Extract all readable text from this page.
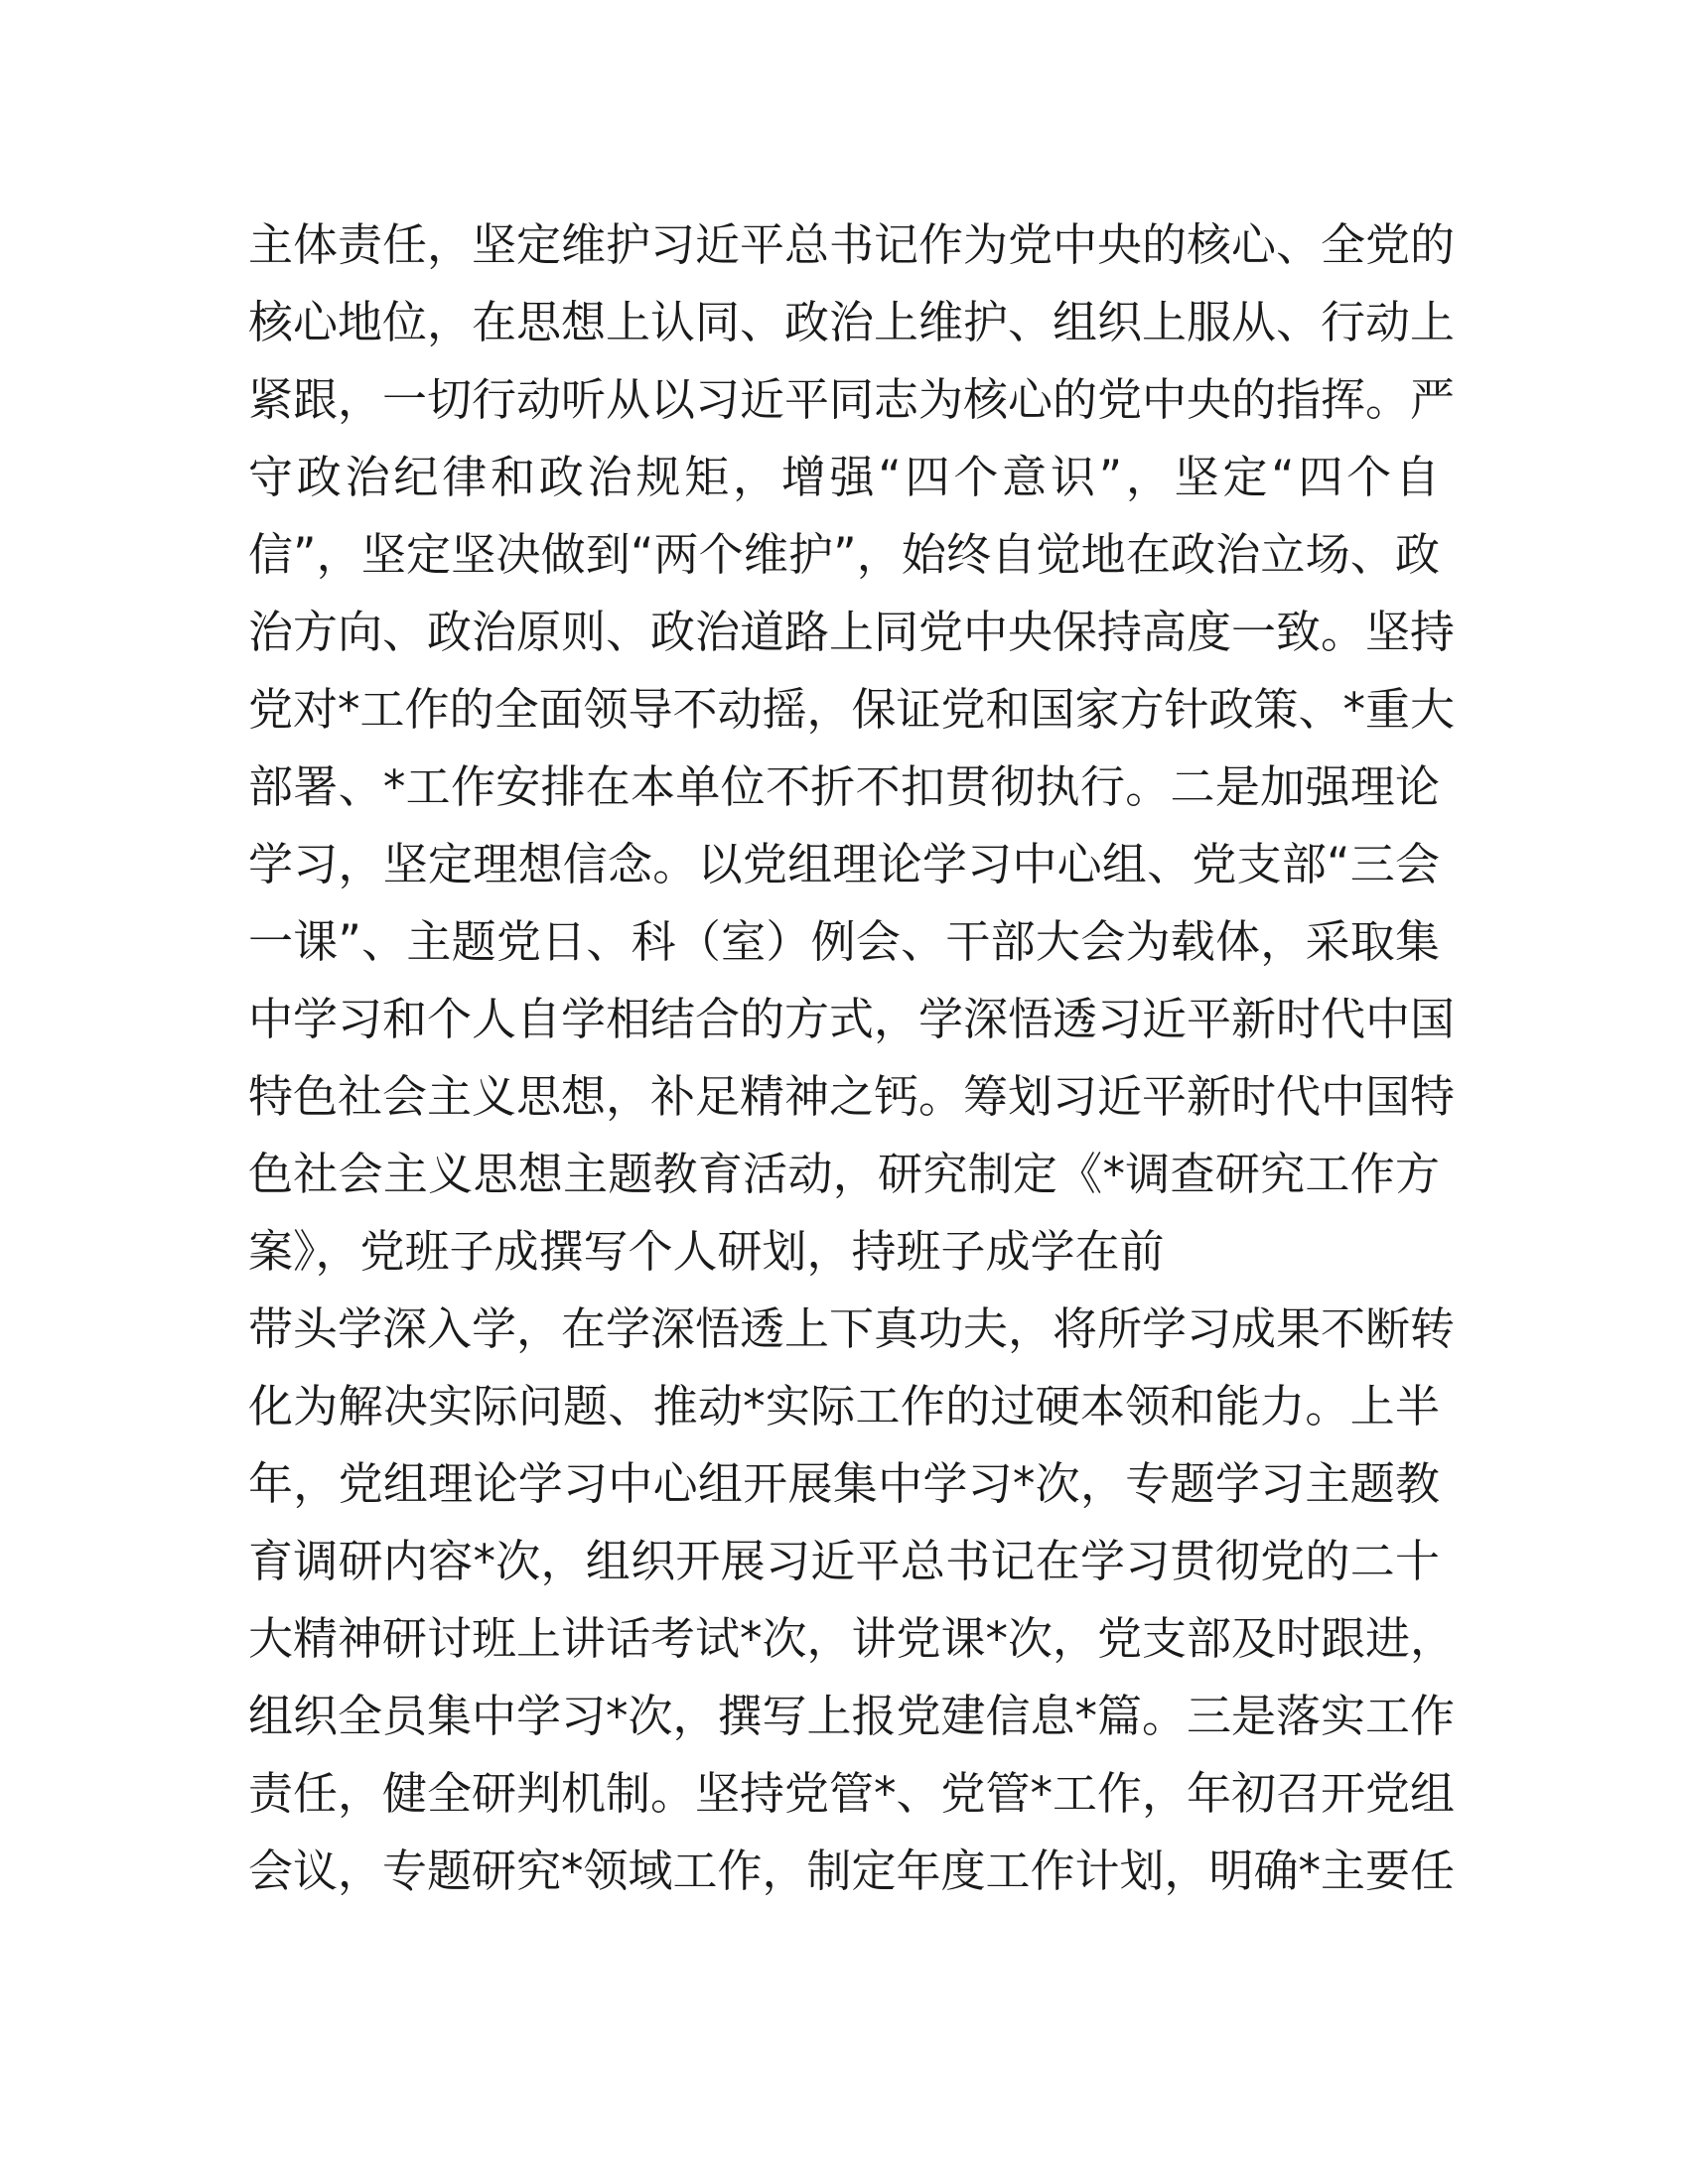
主体责任，坚定维护习近平总书记作为党中央的核心、全党的
核心地位，在思想上认同、政治上维护、组织上服从、行动上
紧跟，一切行动听从以习近平同志为核心的党中央的指挥。严
守政治纪律和政治规矩，增强“四个意识”，坚定“四个自
信”，坚定坚决做到“两个维护”，始终自觉地在政治立场、政
治方向、政治原则、政治道路上同党中央保持高度一致。坚持
党对*工作的全面领导不动摇，保证党和国家方针政策、*重大
部署、*工作安排在本单位不折不扣贯彻执行。二是加强理论
学习，坚定理想信念。以党组理论学习中心组、党支部“三会
一课”、主题党日、科（室）例会、干部大会为载体，采取集
中学习和个人自学相结合的方式，学深悟透习近平新时代中国
特色社会主义思想，补足精神之钙。筹划习近平新时代中国特
色社会主义思想主题教育活动，研究制定《*调查研究工作方
案》，党班子成撰写个人研划，持班子成学在前
带头学深入学，在学深悟透上下真功夫，将所学习成果不断转
化为解决实际问题、推动*实际工作的过硬本领和能力。上半
年，党组理论学习中心组开展集中学习*次，专题学习主题教
育调研内容*次，组织开展习近平总书记在学习贯彻党的二十
大精神研讨班上讲话考试*次，讲党课*次，党支部及时跟进，
组织全员集中学习*次，撰写上报党建信息*篇。三是落实工作
责任，健全研判机制。坚持党管*、党管*工作，年初召开党组
会议，专题研究*领域工作，制定年度工作计划，明确*主要任
